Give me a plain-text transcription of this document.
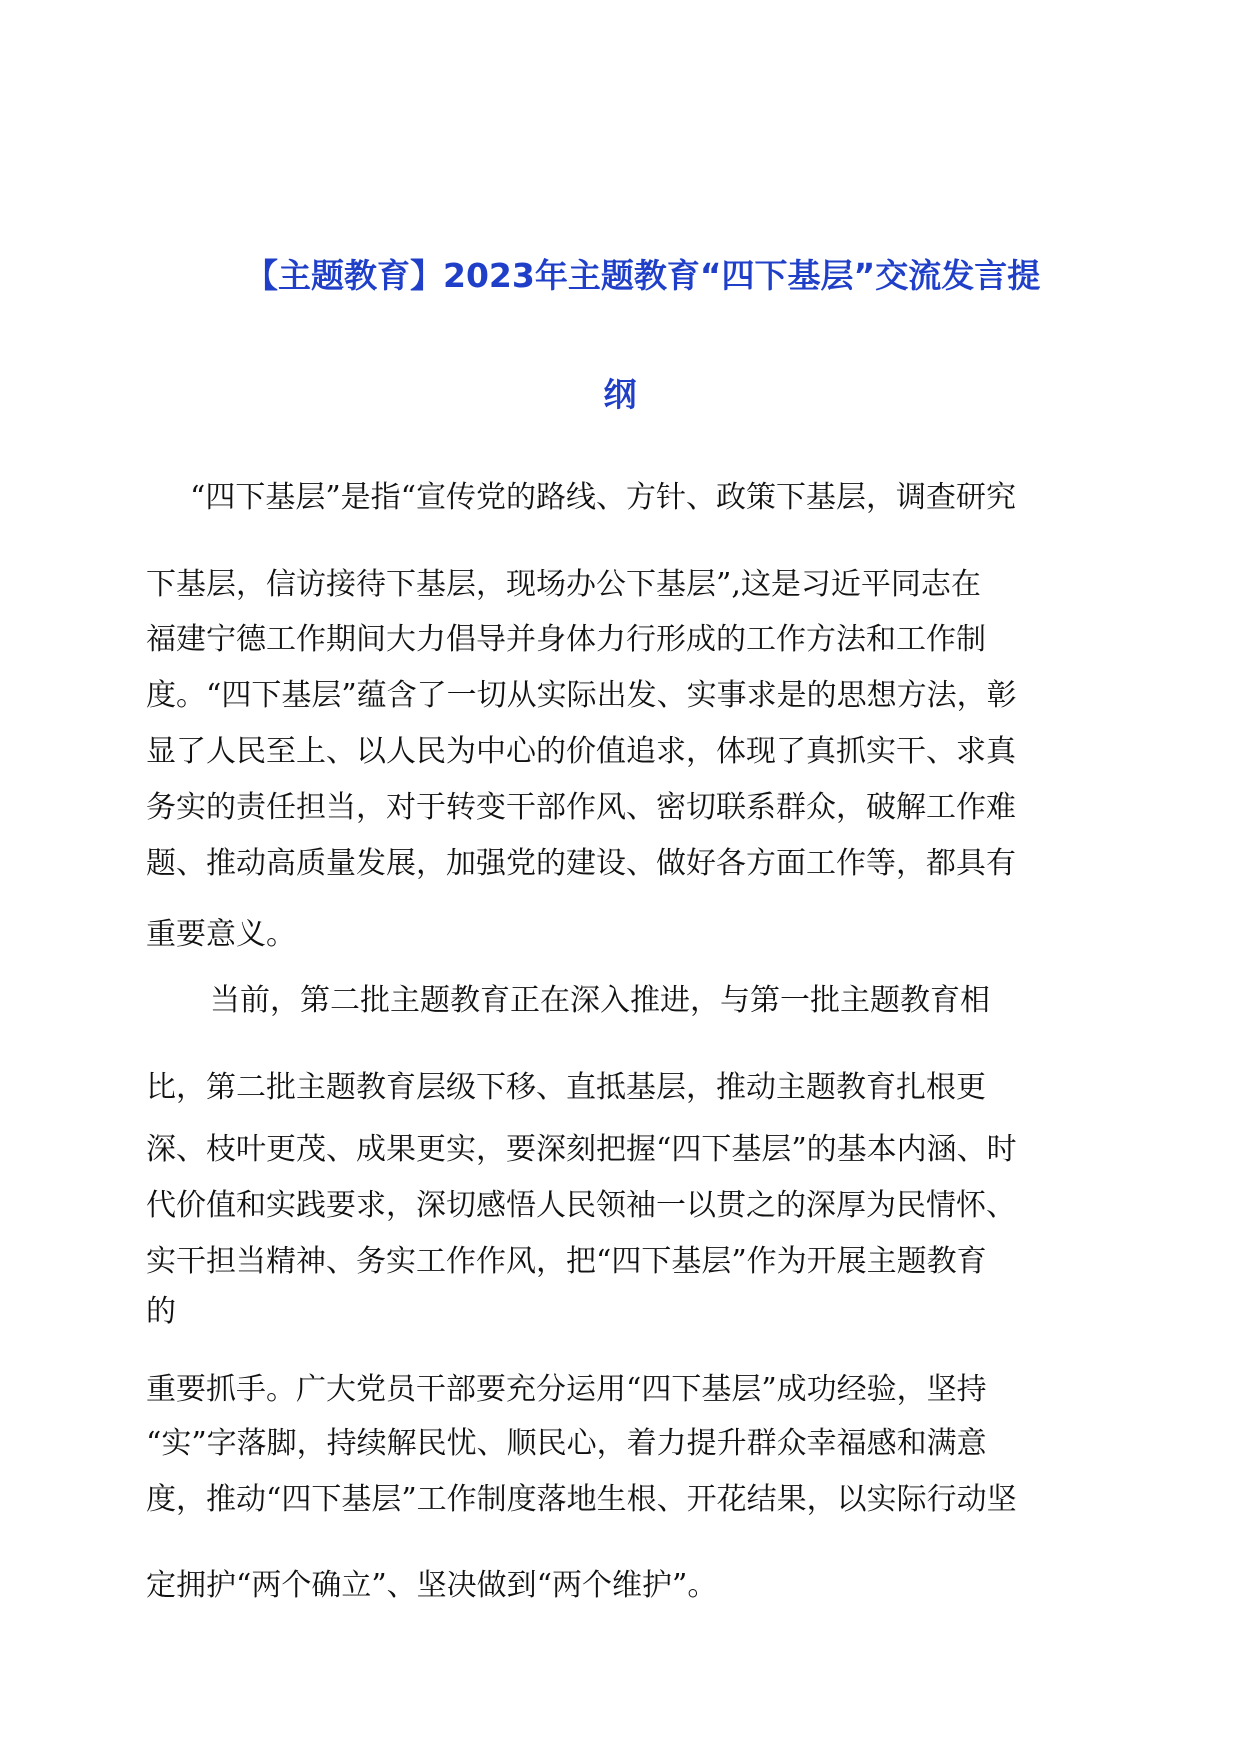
【主题教育】2023年主题教育“四下基层”交流发言提
纲
“四下基层”是指“宣传党的路线、方针、政策下基层，调查研究
下基层，信访接待下基层，现场办公下基层”,这是习近平同志在
福建宁德工作期间大力倡导并身体力行形成的工作方法和工作制
度。“四下基层”蕴含了一切从实际出发、实事求是的思想方法，彰
显了人民至上、以人民为中心的价值追求，体现了真抓实干、求真
务实的责任担当，对于转变干部作风、密切联系群众，破解工作难
题、推动高质量发展，加强党的建设、做好各方面工作等，都具有
重要意义。
当前，第二批主题教育正在深入推进，与第一批主题教育相
比，第二批主题教育层级下移、直抵基层，推动主题教育扎根更
深、枝叶更茂、成果更实，要深刻把握“四下基层”的基本内涵、时
代价值和实践要求，深切感悟人民领袖一以贯之的深厚为民情怀、
实干担当精神、务实工作作风，把“四下基层”作为开展主题教育
的
重要抓手。广大党员干部要充分运用“四下基层”成功经验，坚持
“实”字落脚，持续解民忧、顺民心，着力提升群众幸福感和满意
度，推动“四下基层”工作制度落地生根、开花结果，以实际行动坚
定拥护“两个确立”、坚决做到“两个维护”。
